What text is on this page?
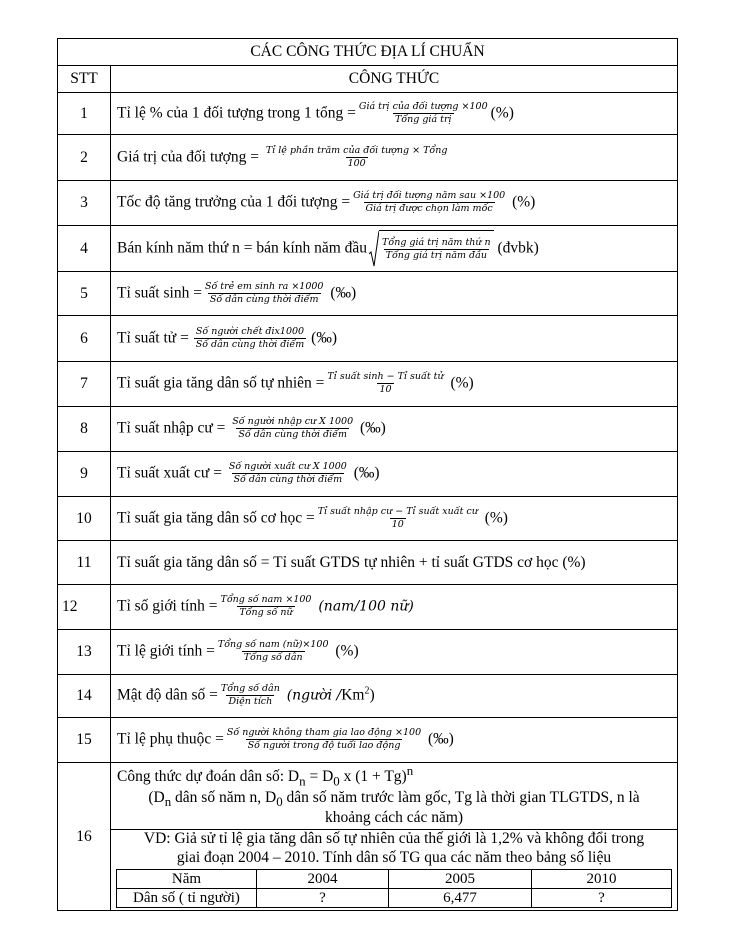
CÁC CÔNG THỨC ĐỊA LÍ CHUẨN
STT	CÔNG THỨC
1	Tỉ lệ % của 1 đối tượng trong 1 tổng = $\frac{\text{Giá trị của đối tượng ×100}}{\text{Tổng giá trị}}$ (%)
2	Giá trị của đối tượng = $\frac{\text{Tỉ lệ phần trăm của đối tượng × Tổng}}{100}$

3	Tốc độ tăng trưởng của 1 đối tượng = $\frac{\text{Giá trị đối tượng năm sau ×100}}{\text{Giá trị được chọn làm mốc}}$ (%)
4	Bán kính năm thứ n = bán kính năm đầu $\frac{\text{Tổng giá trị năm thứ n}}{\text{Tổng giá trị năm đầu}}$ (đvbk)
5	Tỉ suất $\sinh = \frac{\text{Số trẻ em sinh ra ×1000}}{\text{Số dân cùng thời điểm}}$ (‰)
6	Tỉ suất tử = $\frac{\text{Số người chết đix1000}}{\text{Số dân cùng thời điểm}}$ (‰)
7	Tỉ suất gia tăng dân số tự nhiên = $\frac{\text{Tỉ suất sinh − Tỉ suất tử}}{10}$ (%)
8	Tỉ suất nhập cư = $\frac{\text{Số người nhập cư X 1000}}{\text{Số dân cùng thời điểm}}$ (‰)
9	Tỉ suất xuất cư = $\frac{\text{Số người xuất cư X 1000}}{\text{Số dân cùng thời điểm}}$ (‰)
10	Tỉ suất gia tăng dân số cơ học = $\frac{\text{Tỉ suất nhập cư − Tỉ suất xuất cư}}{10}$ (%)
11	Tỉ suất gia tăng dân số = Tỉ suất GTDS tự nhiên + tỉ suất GTDS cơ học (%)
12	Tỉ số giới tính = $\frac{\text{Tổng số nam ×100}}{\text{Tổng số nữ}} (nam/100$ nữ)
13	Tỉ lệ giới tính = $\frac{\text{Tổng số nam (nữ)×100}}{\text{Tổng số dân}}$ (%)
14	Mật độ dân số = $\frac{\text{Tổng số dân}}{\text{Diện tích}}$ (người /Km$^2$)
15	Tỉ lệ phụ thuộc = $\frac{\text{Số người không tham gia lao động ×100}}{\text{Số người trong độ tuổi lao động}}$ (‰)
16	
Công thức dự đoán dân số: $D_n = D_0$ x $(1 + Tg)^n$
($D_n$ dân số năm n, $D_0$ dân số năm trước làm gốc, Tg là thời gian TLGTDS, n là
khoảng cách các năm)
VD: Giả sử tỉ lệ gia tăng dân số tự nhiên của thế giới là 1,2% và không đổi trong
giai đoạn 2004 – 2010. Tính dân số TG qua các năm theo bảng số liệu
Năm	2004	2005	2010
Dân số ( tỉ người)	?	6,477	?
